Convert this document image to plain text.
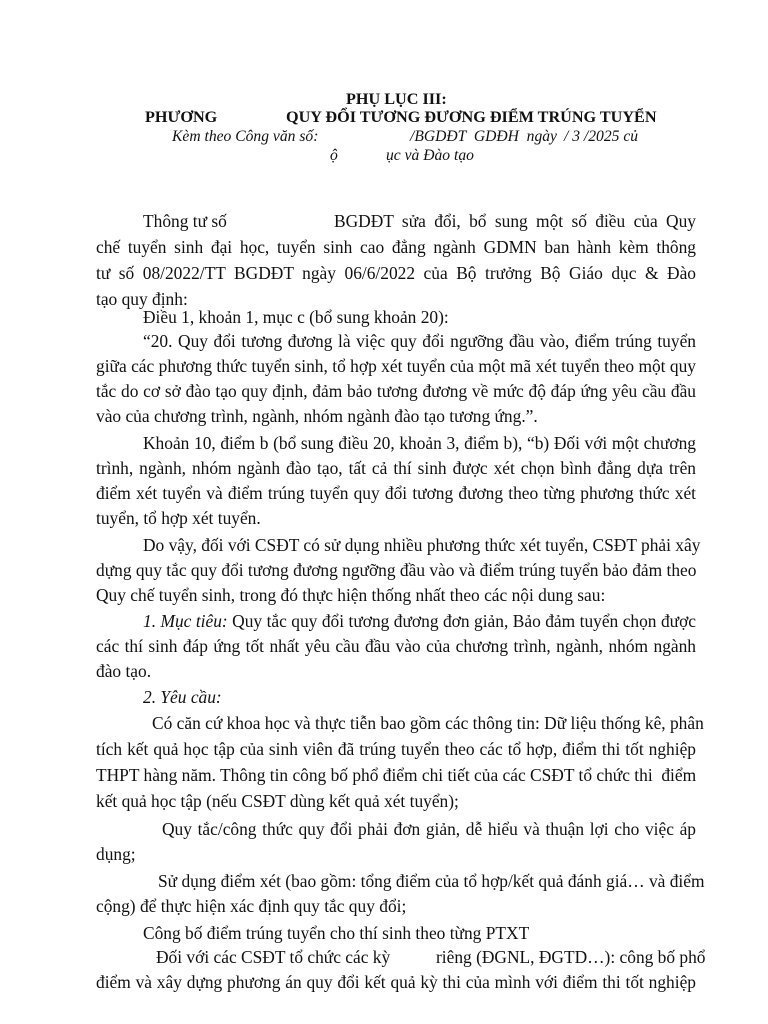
PHỤ LỤC III:
PHƯƠNG	QUY ĐỔI TƯƠNG ĐƯƠNG ĐIỂM TRÚNG TUYỂN
Kèm theo Công văn số:	/BGDĐT  GDĐH  ngày / 3 /2025 củ
ộ	ục và Đào tạo
Thông tư số	BGDĐT sửa đổi, bổ sung một số điều của Quy
chế tuyển sinh đại học, tuyển sinh cao đẳng ngành GDMN ban hành kèm thông
tư số 08/2022/TT BGDĐT ngày 06/6/2022 của Bộ trưởng Bộ Giáo dục & Đào
tạo quy định:
Điều 1, khoản 1, mục c (bổ sung khoản 20):
“20. Quy đổi tương đương là việc quy đổi ngưỡng đầu vào, điểm trúng tuyển
giữa các phương thức tuyển sinh, tổ hợp xét tuyển của một mã xét tuyển theo một quy
tắc do cơ sở đào tạo quy định, đảm bảo tương đương về mức độ đáp ứng yêu cầu đầu
vào của chương trình, ngành, nhóm ngành đào tạo tương ứng.”.
Khoản 10, điểm b (bổ sung điều 20, khoản 3, điểm b), “b) Đối với một chương
trình, ngành, nhóm ngành đào tạo, tất cả thí sinh được xét chọn bình đẳng dựa trên
điểm xét tuyển và điểm trúng tuyển quy đổi tương đương theo từng phương thức xét
tuyển, tổ hợp xét tuyển.
Do vậy, đối với CSĐT có sử dụng nhiều phương thức xét tuyển, CSĐT phải xây
dựng quy tắc quy đổi tương đương ngưỡng đầu vào và điểm trúng tuyển bảo đảm theo
Quy chế tuyển sinh, trong đó thực hiện thống nhất theo các nội dung sau:
1. Mục tiêu: Quy tắc quy đổi tương đương đơn giản, Bảo đảm tuyển chọn được
các thí sinh đáp ứng tốt nhất yêu cầu đầu vào của chương trình, ngành, nhóm ngành
đào tạo.
2. Yêu cầu:
Có căn cứ khoa học và thực tiễn bao gồm các thông tin: Dữ liệu thống kê, phân
tích kết quả học tập của sinh viên đã trúng tuyển theo các tổ hợp, điểm thi tốt nghiệp
THPT hàng năm. Thông tin công bố phổ điểm chi tiết của các CSĐT tổ chức thi  điểm
kết quả học tập (nếu CSĐT dùng kết quả xét tuyển);
Quy tắc/công thức quy đổi phải đơn giản, dễ hiểu và thuận lợi cho việc áp
dụng;
Sử dụng điểm xét (bao gồm: tổng điểm của tổ hợp/kết quả đánh giá… và điểm
cộng) để thực hiện xác định quy tắc quy đổi;
Công bố điểm trúng tuyển cho thí sinh theo từng PTXT
Đối với các CSĐT tổ chức các kỳ	riêng (ĐGNL, ĐGTD…): công bố phổ
điểm và xây dựng phương án quy đổi kết quả kỳ thi của mình với điểm thi tốt nghiệp
